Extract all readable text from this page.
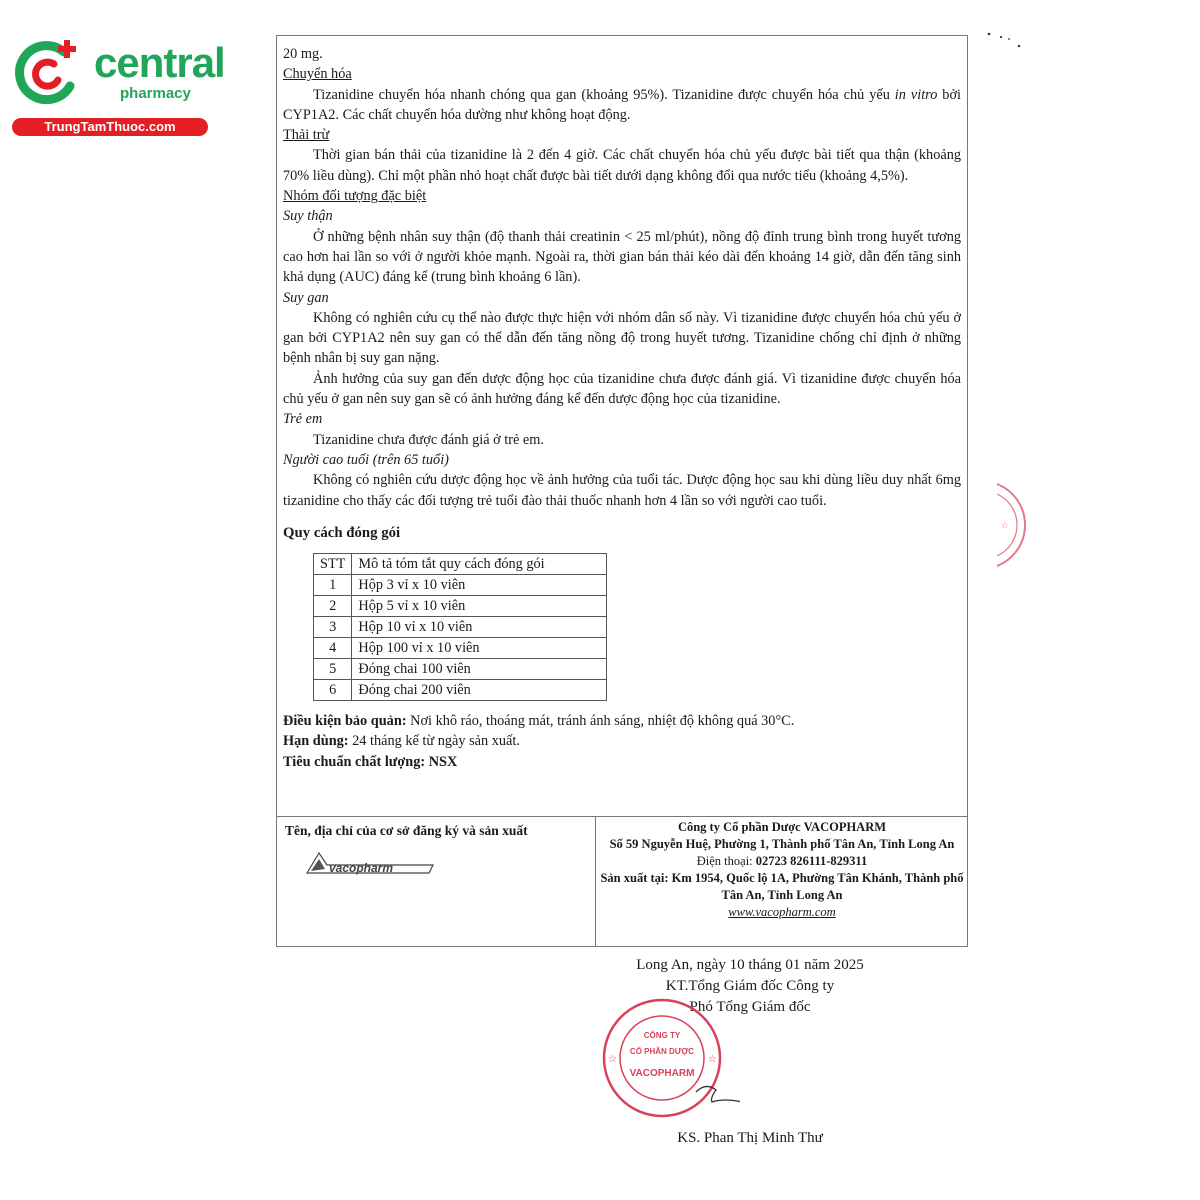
central
pharmacy
TrungTamThuoc.com

20 mg.

Chuyển hóa

Tizanidine chuyển hóa nhanh chóng qua gan (khoảng 95%). Tizanidine được chuyển hóa chủ yếu in vitro bởi CYP1A2. Các chất chuyển hóa dường như không hoạt động.

Thải trừ

Thời gian bán thải của tizanidine là 2 đến 4 giờ. Các chất chuyển hóa chủ yếu được bài tiết qua thận (khoảng 70% liều dùng). Chỉ một phần nhỏ hoạt chất được bài tiết dưới dạng không đổi qua nước tiểu (khoảng 4,5%).

Nhóm đối tượng đặc biệt

Suy thận

Ở những bệnh nhân suy thận (độ thanh thải creatinin < 25 ml/phút), nồng độ đỉnh trung bình trong huyết tương cao hơn hai lần so với ở người khỏe mạnh. Ngoài ra, thời gian bán thải kéo dài đến khoảng 14 giờ, dẫn đến tăng sinh khả dụng (AUC) đáng kể (trung bình khoảng 6 lần).

Suy gan

Không có nghiên cứu cụ thể nào được thực hiện với nhóm dân số này. Vì tizanidine được chuyển hóa chủ yếu ở gan bởi CYP1A2 nên suy gan có thể dẫn đến tăng nồng độ trong huyết tương. Tizanidine chống chỉ định ở những bệnh nhân bị suy gan nặng.

Ảnh hưởng của suy gan đến dược động học của tizanidine chưa được đánh giá. Vì tizanidine được chuyển hóa chủ yếu ở gan nên suy gan sẽ có ảnh hưởng đáng kể đến dược động học của tizanidine.

Trẻ em

Tizanidine chưa được đánh giá ở trẻ em.

Người cao tuổi (trên 65 tuổi)

Không có nghiên cứu dược động học về ảnh hưởng của tuổi tác. Dược động học sau khi dùng liều duy nhất 6mg tizanidine cho thấy các đối tượng trẻ tuổi đào thải thuốc nhanh hơn 4 lần so với người cao tuổi.

Quy cách đóng gói

STT	Mô tả tóm tắt quy cách đóng gói
1	Hộp 3 vỉ x 10 viên
2	Hộp 5 vỉ x 10 viên
3	Hộp 10 vỉ x 10 viên
4	Hộp 100 vỉ x 10 viên
5	Đóng chai 100 viên
6	Đóng chai 200 viên

Điều kiện bảo quản: Nơi khô ráo, thoáng mát, tránh ánh sáng, nhiệt độ không quá 30°C.

Hạn dùng: 24 tháng kể từ ngày sản xuất.

Tiêu chuẩn chất lượng: NSX

Tên, địa chỉ của cơ sở đăng ký và sản xuất
vacopharm
Công ty Cổ phần Dược VACOPHARM
Số 59 Nguyễn Huệ, Phường 1, Thành phố Tân An, Tỉnh Long An
Điện thoại: 02723 826111-829311
Sản xuất tại: Km 1954, Quốc lộ 1A, Phường Tân Khánh, Thành phố Tân An, Tỉnh Long An
www.vacopharm.com
☆
Long An, ngày 10 tháng 01 năm 2025
KT.Tổng Giám đốc Công ty
Phó Tổng Giám đốc
☆	☆
CÔNG TY
CỔ PHẦN DƯỢC
VACOPHARM
KS. Phan Thị Minh Thư
